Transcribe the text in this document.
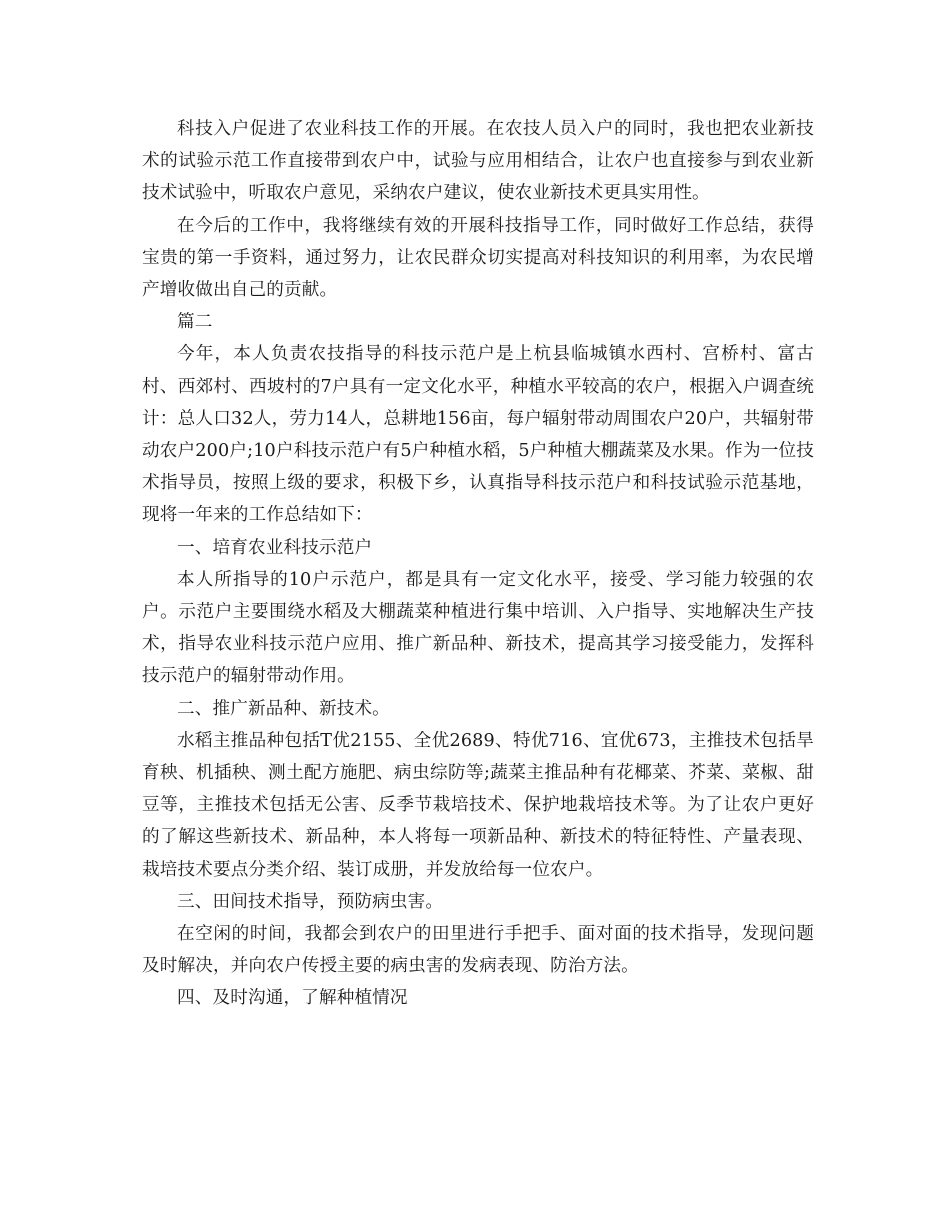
科技入户促进了农业科技工作的开展。在农技人员入户的同时，我也把农业新技术的试验示范工作直接带到农户中，试验与应用相结合，让农户也直接参与到农业新技术试验中，听取农户意见，采纳农户建议，使农业新技术更具实用性。

在今后的工作中，我将继续有效的开展科技指导工作，同时做好工作总结，获得宝贵的第一手资料，通过努力，让农民群众切实提高对科技知识的利用率，为农民增产增收做出自己的贡献。

篇二

今年，本人负责农技指导的科技示范户是上杭县临城镇水西村、宫桥村、富古村、西郊村、西坡村的7户具有一定文化水平，种植水平较高的农户，根据入户调查统计：总人口32人，劳力14人，总耕地156亩，每户辐射带动周围农户20户，共辐射带动农户200户;10户科技示范户有5户种植水稻，5户种植大棚蔬菜及水果。作为一位技术指导员，按照上级的要求，积极下乡，认真指导科技示范户和科技试验示范基地，现将一年来的工作总结如下：

一、培育农业科技示范户

本人所指导的10户示范户，都是具有一定文化水平，接受、学习能力较强的农户。示范户主要围绕水稻及大棚蔬菜种植进行集中培训、入户指导、实地解决生产技术，指导农业科技示范户应用、推广新品种、新技术，提高其学习接受能力，发挥科技示范户的辐射带动作用。

二、推广新品种、新技术。

水稻主推品种包括T优2155、全优2689、特优716、宜优673，主推技术包括旱育秧、机插秧、测土配方施肥、病虫综防等;蔬菜主推品种有花椰菜、芥菜、菜椒、甜豆等，主推技术包括无公害、反季节栽培技术、保护地栽培技术等。为了让农户更好的了解这些新技术、新品种，本人将每一项新品种、新技术的特征特性、产量表现、栽培技术要点分类介绍、装订成册，并发放给每一位农户。

三、田间技术指导，预防病虫害。

在空闲的时间，我都会到农户的田里进行手把手、面对面的技术指导，发现问题及时解决，并向农户传授主要的病虫害的发病表现、防治方法。

四、及时沟通，了解种植情况
